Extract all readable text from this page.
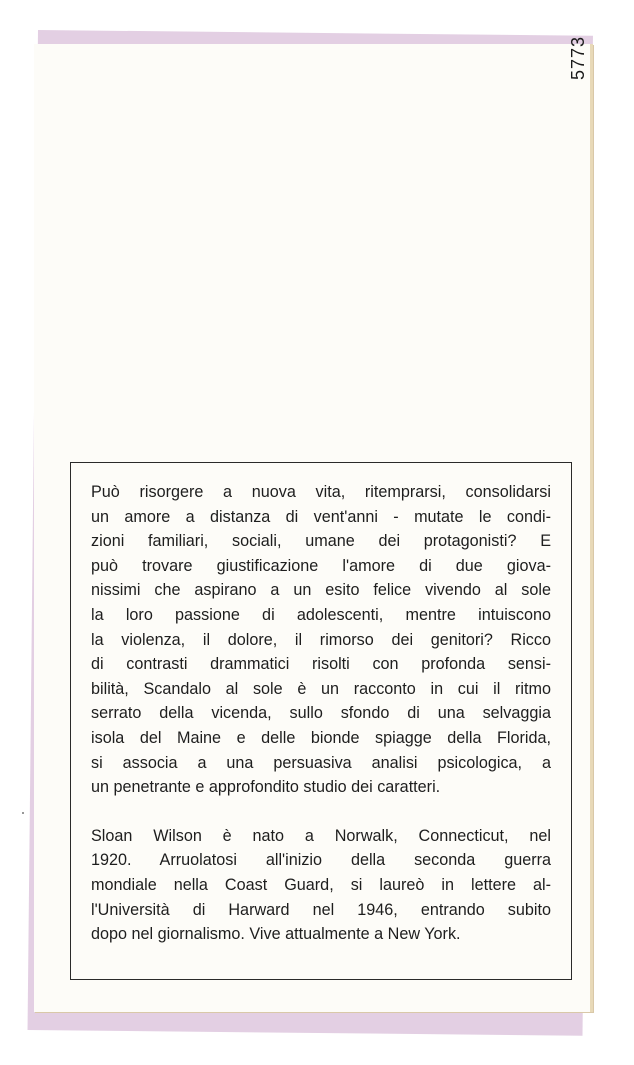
5773
Può risorgere a nuova vita, ritemprarsi, consolidarsi
un amore a distanza di vent'anni - mutate le condi-
zioni familiari, sociali, umane dei protagonisti? E
può trovare giustificazione l'amore di due giova-
nissimi che aspirano a un esito felice vivendo al sole
la loro passione di adolescenti, mentre intuiscono
la violenza, il dolore, il rimorso dei genitori? Ricco
di contrasti drammatici risolti con profonda sensi-
bilità, Scandalo al sole è un racconto in cui il ritmo
serrato della vicenda, sullo sfondo di una selvaggia
isola del Maine e delle bionde spiagge della Florida,
si associa a una persuasiva analisi psicologica, a
un penetrante e approfondito studio dei caratteri.
Sloan Wilson è nato a Norwalk, Connecticut, nel
1920. Arruolatosi all'inizio della seconda guerra
mondiale nella Coast Guard, si laureò in lettere al-
l'Università di Harward nel 1946, entrando subito
dopo nel giornalismo. Vive attualmente a New York.
